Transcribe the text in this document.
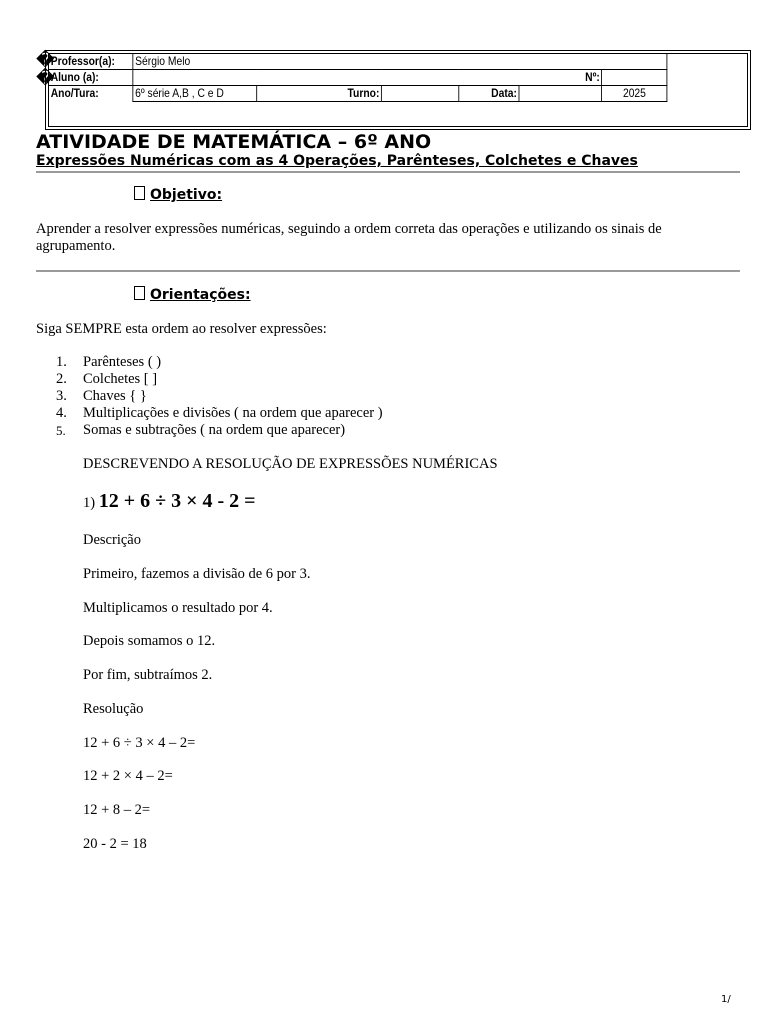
�
�
Professor(a):	Sérgio Melo					
Aluno (a):					Nº:	
Ano/Tura:	6º série A,B , C e D	Turno:		Data:		2025
ATIVIDADE DE MATEMÁTICA – 6º ANO
Expressões Numéricas com as 4 Operações, Parênteses, Colchetes e Chaves
Objetivo:
Aprender a resolver expressões numéricas, seguindo a ordem correta das operações e utilizando os sinais de agrupamento.
Orientações:
Siga SEMPRE esta ordem ao resolver expressões:
1.	Parênteses ( )
2.	Colchetes [ ]
3.	Chaves { }
4.	Multiplicações e divisões ( na ordem que aparecer )
5.	Somas e subtrações ( na ordem que aparecer)
DESCREVENDO A RESOLUÇÃO DE EXPRESSÕES NUMÉRICAS
1) 12 + 6 ÷ 3 × 4 - 2 =
Descrição
Primeiro, fazemos a divisão de 6 por 3.
Multiplicamos o resultado por 4.
Depois somamos o 12.
Por fim, subtraímos 2.
Resolução
12 + 6 ÷ 3 × 4 – 2=
12 + 2 × 4 – 2=
12 + 8 – 2=
20 - 2 = 18
1/
